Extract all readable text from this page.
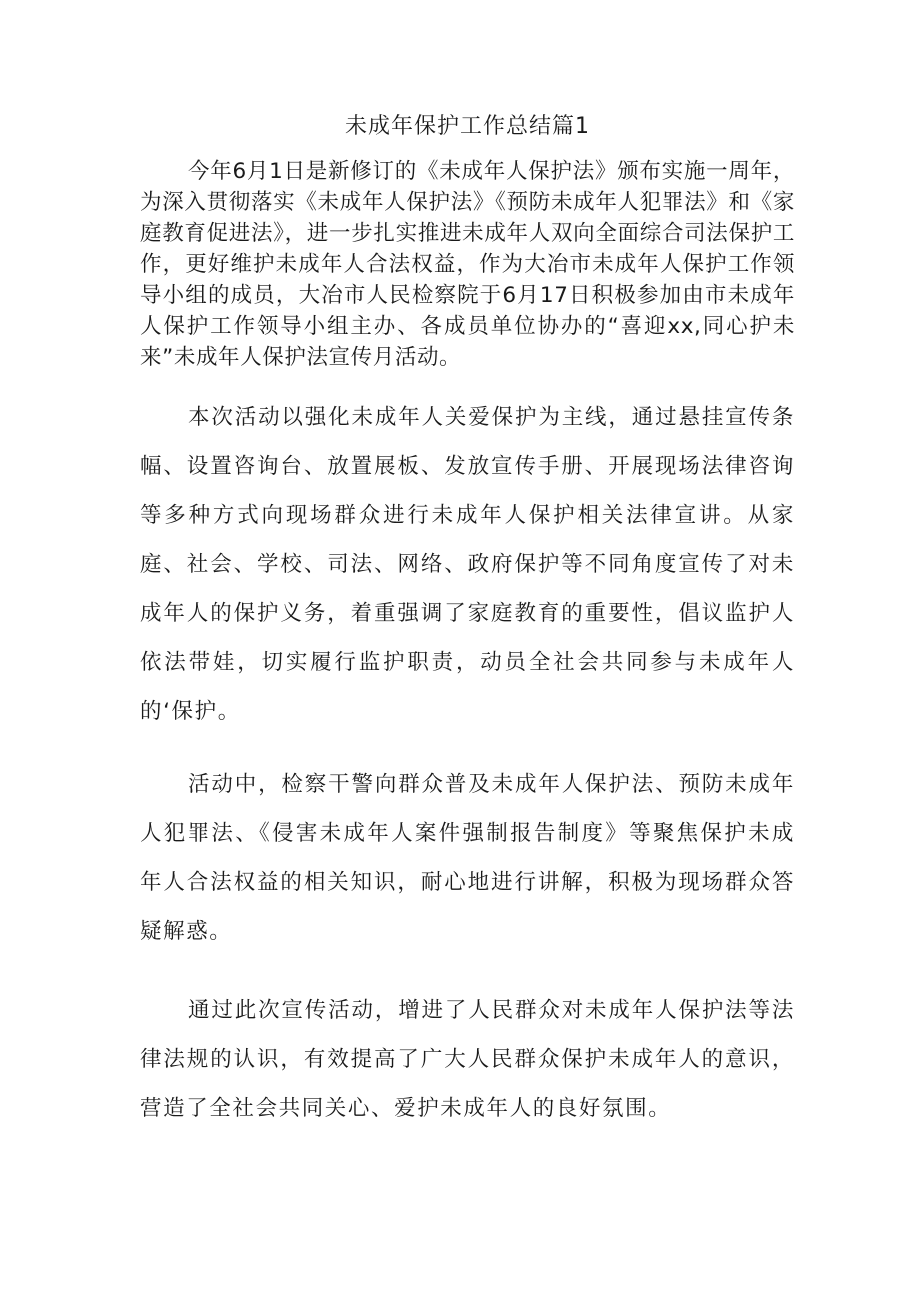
未成年保护工作总结篇1

今年6月1日是新修订的《未成年人保护法》颁布实施一周年，为深入贯彻落实《未成年人保护法》《预防未成年人犯罪法》和《家庭教育促进法》，进一步扎实推进未成年人双向全面综合司法保护工作，更好维护未成年人合法权益，作为大冶市未成年人保护工作领导小组的成员，大冶市人民检察院于6月17日积极参加由市未成年人保护工作领导小组主办、各成员单位协办的“喜迎xx,同心护未来”未成年人保护法宣传月活动。

本次活动以强化未成年人关爱保护为主线，通过悬挂宣传条幅、设置咨询台、放置展板、发放宣传手册、开展现场法律咨询等多种方式向现场群众进行未成年人保护相关法律宣讲。从家庭、社会、学校、司法、网络、政府保护等不同角度宣传了对未成年人的保护义务，着重强调了家庭教育的重要性，倡议监护人依法带娃，切实履行监护职责，动员全社会共同参与未成年人的‘保护。

活动中，检察干警向群众普及未成年人保护法、预防未成年人犯罪法、《侵害未成年人案件强制报告制度》等聚焦保护未成年人合法权益的相关知识，耐心地进行讲解，积极为现场群众答疑解惑。

通过此次宣传活动，增进了人民群众对未成年人保护法等法律法规的认识，有效提高了广大人民群众保护未成年人的意识，营造了全社会共同关心、爱护未成年人的良好氛围。
